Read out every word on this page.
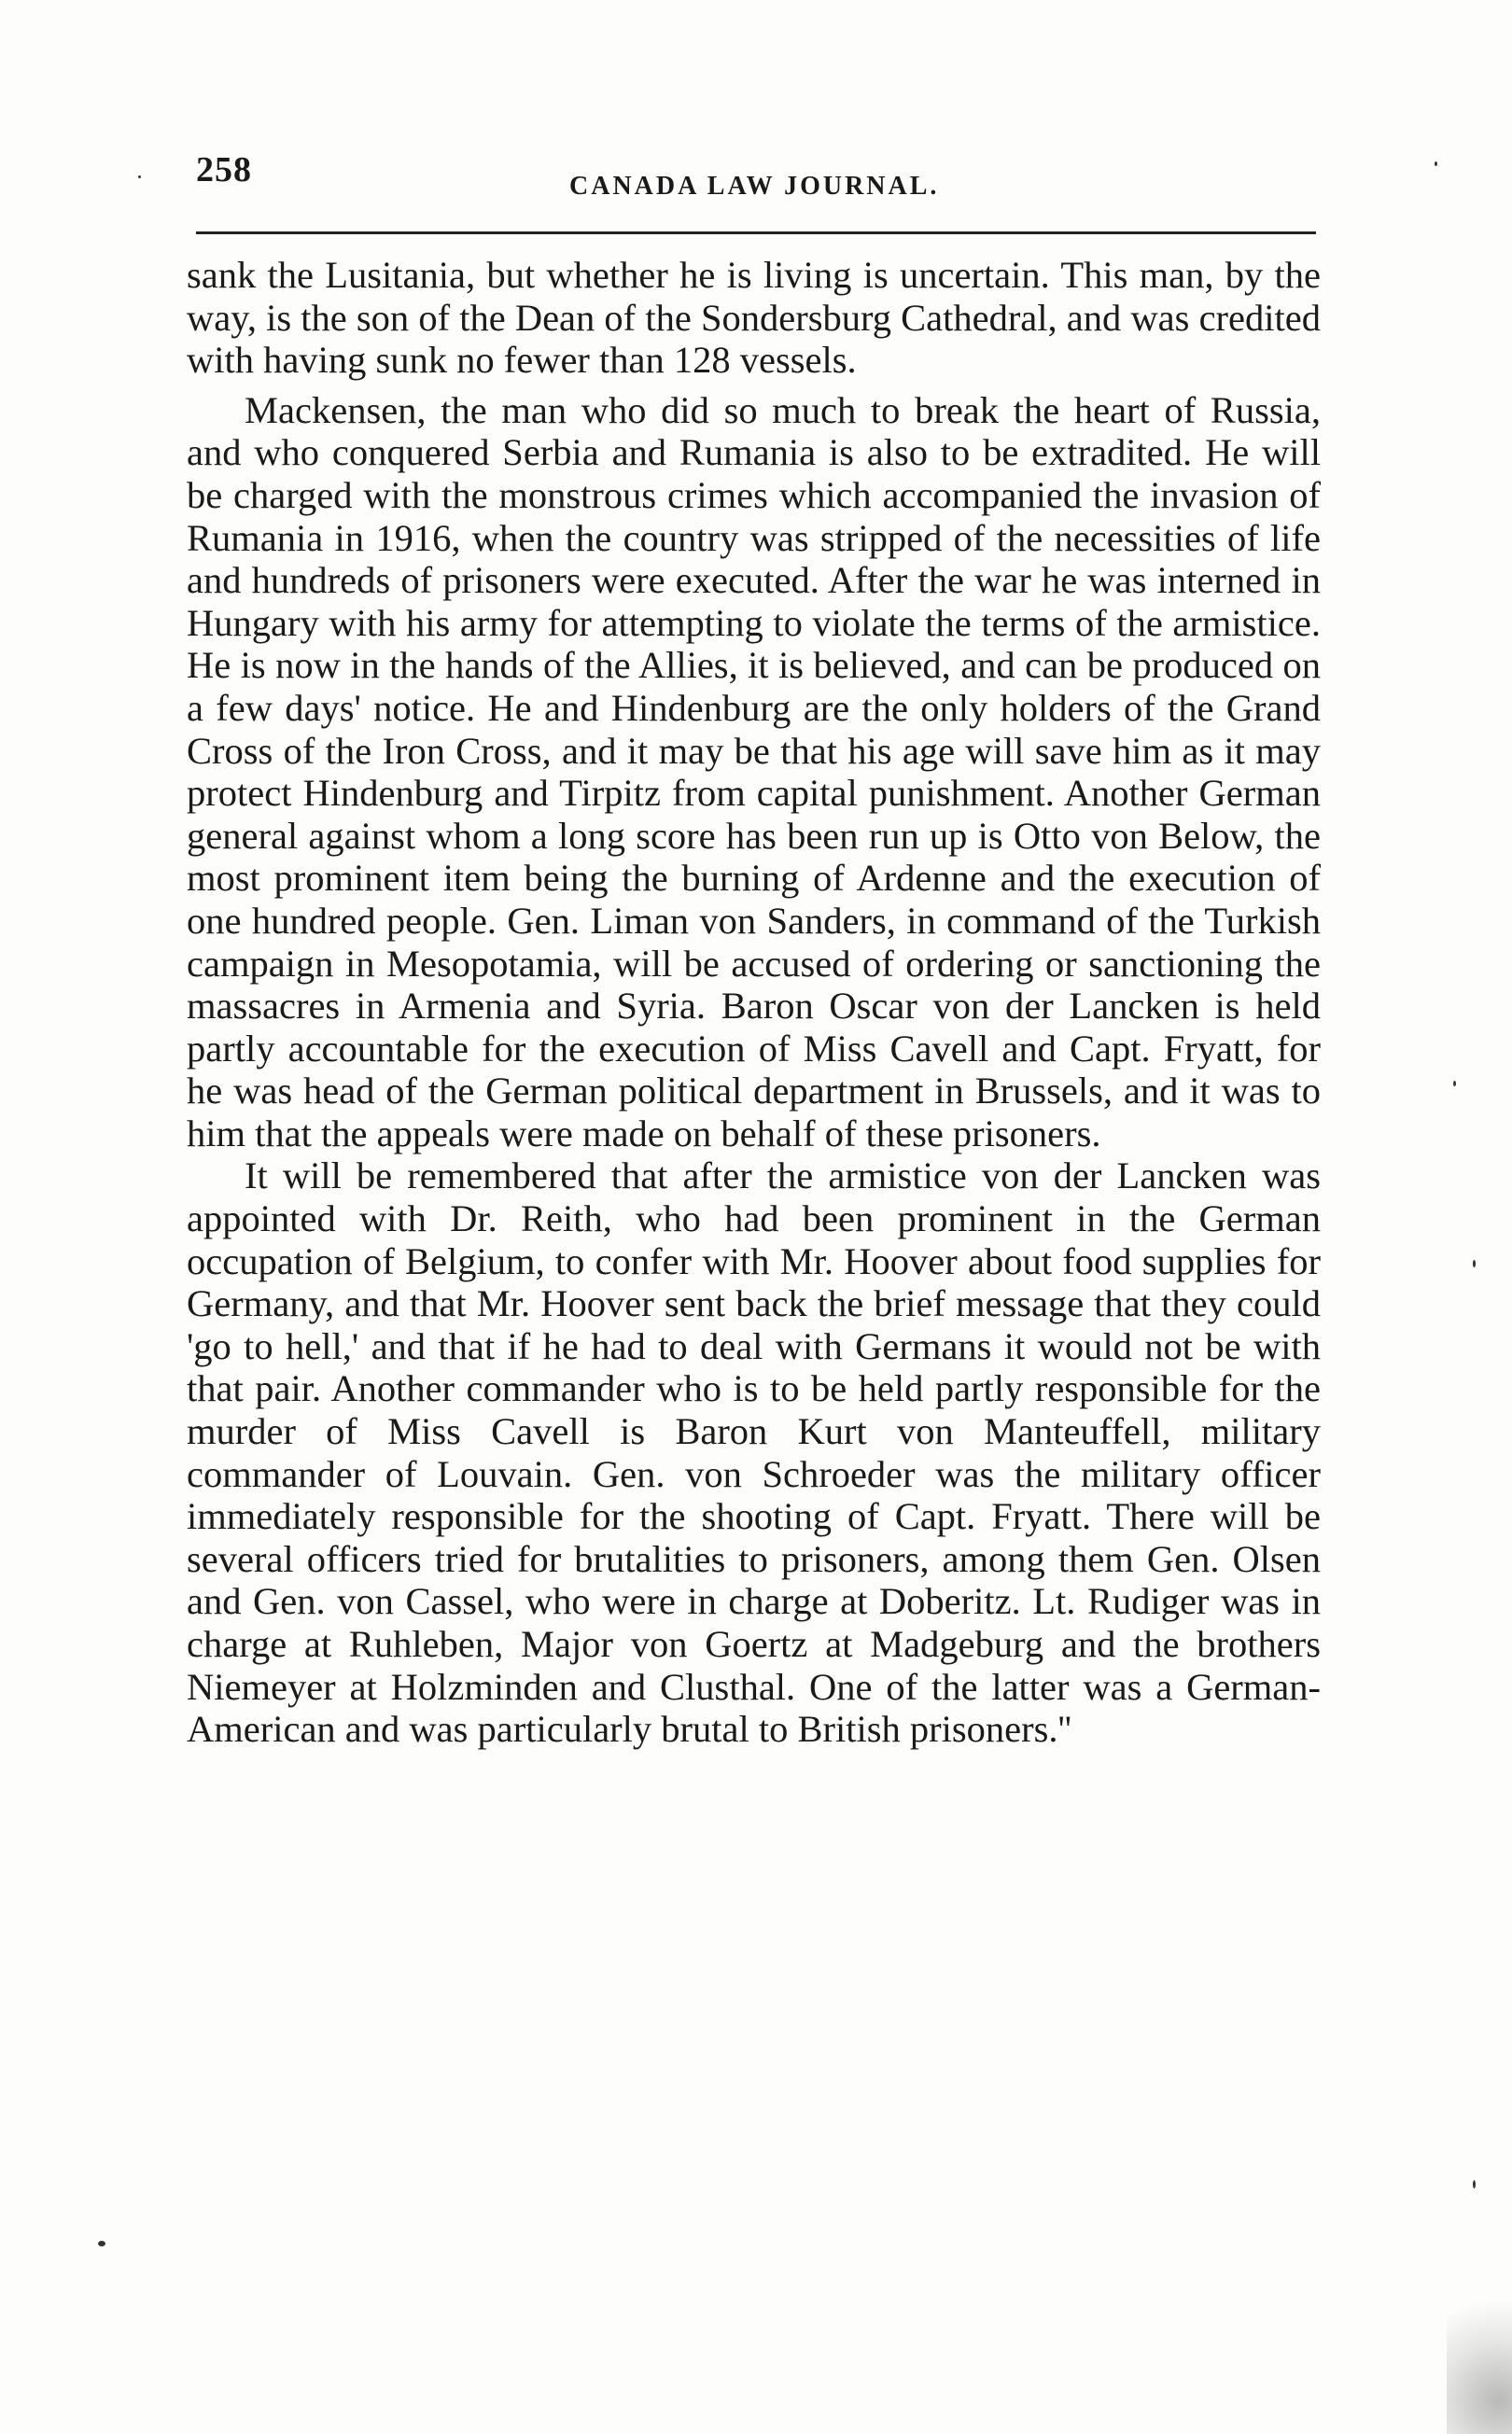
258	CANADA LAW JOURNAL.

sank the Lusitania, but whether he is living is uncertain. This man, by the way, is the son of the Dean of the Sondersburg Cathedral, and was credited with having sunk no fewer than 128 vessels.

Mackensen, the man who did so much to break the heart of Russia, and who conquered Serbia and Rumania is also to be extradited. He will be charged with the monstrous crimes which accompanied the invasion of Rumania in 1916, when the country was stripped of the necessities of life and hundreds of prisoners were executed. After the war he was interned in Hungary with his army for attempting to violate the terms of the armistice. He is now in the hands of the Allies, it is believed, and can be produced on a few days' notice. He and Hindenburg are the only holders of the Grand Cross of the Iron Cross, and it may be that his age will save him as it may protect Hindenburg and Tirpitz from capital punishment. Another German general against whom a long score has been run up is Otto von Below, the most prominent item being the burning of Ardenne and the execution of one hundred people. Gen. Liman von Sanders, in command of the Turkish campaign in Mesopotamia, will be accused of ordering or sanctioning the massacres in Armenia and Syria. Baron Oscar von der Lancken is held partly accountable for the execution of Miss Cavell and Capt. Fryatt, for he was head of the German political department in Brussels, and it was to him that the appeals were made on behalf of these prisoners.

It will be remembered that after the armistice von der Lancken was appointed with Dr. Reith, who had been prominent in the German occupation of Belgium, to confer with Mr. Hoover about food supplies for Germany, and that Mr. Hoover sent back the brief message that they could 'go to hell,' and that if he had to deal with Germans it would not be with that pair. Another commander who is to be held partly responsible for the murder of Miss Cavell is Baron Kurt von Manteuffell, military commander of Louvain. Gen. von Schroeder was the military officer immediately responsible for the shooting of Capt. Fryatt. There will be several officers tried for brutalities to prisoners, among them Gen. Olsen and Gen. von Cassel, who were in charge at Doberitz. Lt. Rudiger was in charge at Ruhleben, Major von Goertz at Madgeburg and the brothers Niemeyer at Holzminden and Clusthal. One of the latter was a German-American and was particularly brutal to British prisoners.''
